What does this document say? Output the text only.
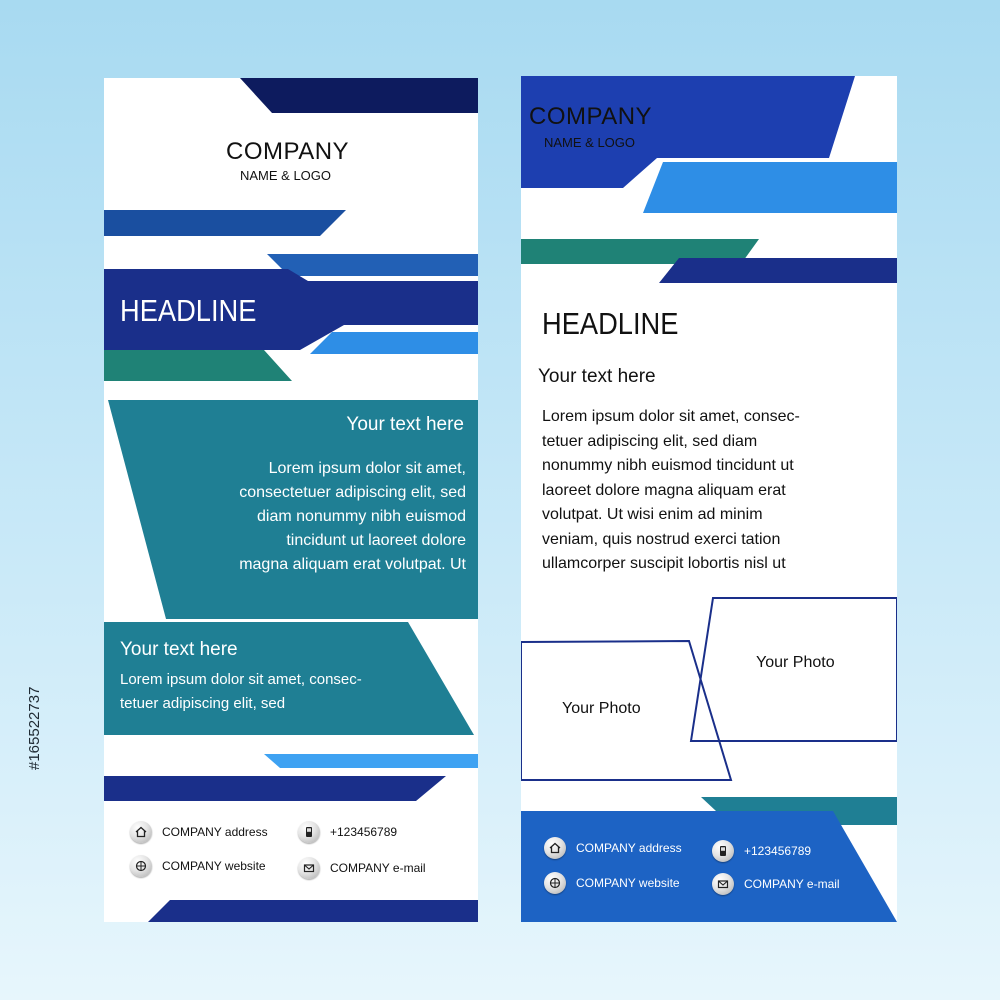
COMPANY

NAME & LOGO

HEADLINE

Your text here

Lorem ipsum dolor sit amet,
consectetuer adipiscing elit, sed
diam nonummy nibh euismod
tincidunt ut laoreet dolore
magna aliquam erat volutpat. Ut

Your text here

Lorem ipsum dolor sit amet, consec-
tetuer adipiscing elit, sed

COMPANY address	+123456789
COMPANY website	COMPANY e-mail

COMPANY

NAME & LOGO

HEADLINE

Your text here

Lorem ipsum dolor sit amet, consec-
tetuer adipiscing elit, sed diam
nonummy nibh euismod tincidunt ut
laoreet dolore magna aliquam erat
volutpat. Ut wisi enim ad minim
veniam, quis nostrud exerci tation
ullamcorper suscipit lobortis nisl ut

Your Photo

Your Photo

COMPANY address	+123456789
COMPANY website	COMPANY e-mail
#165522737
